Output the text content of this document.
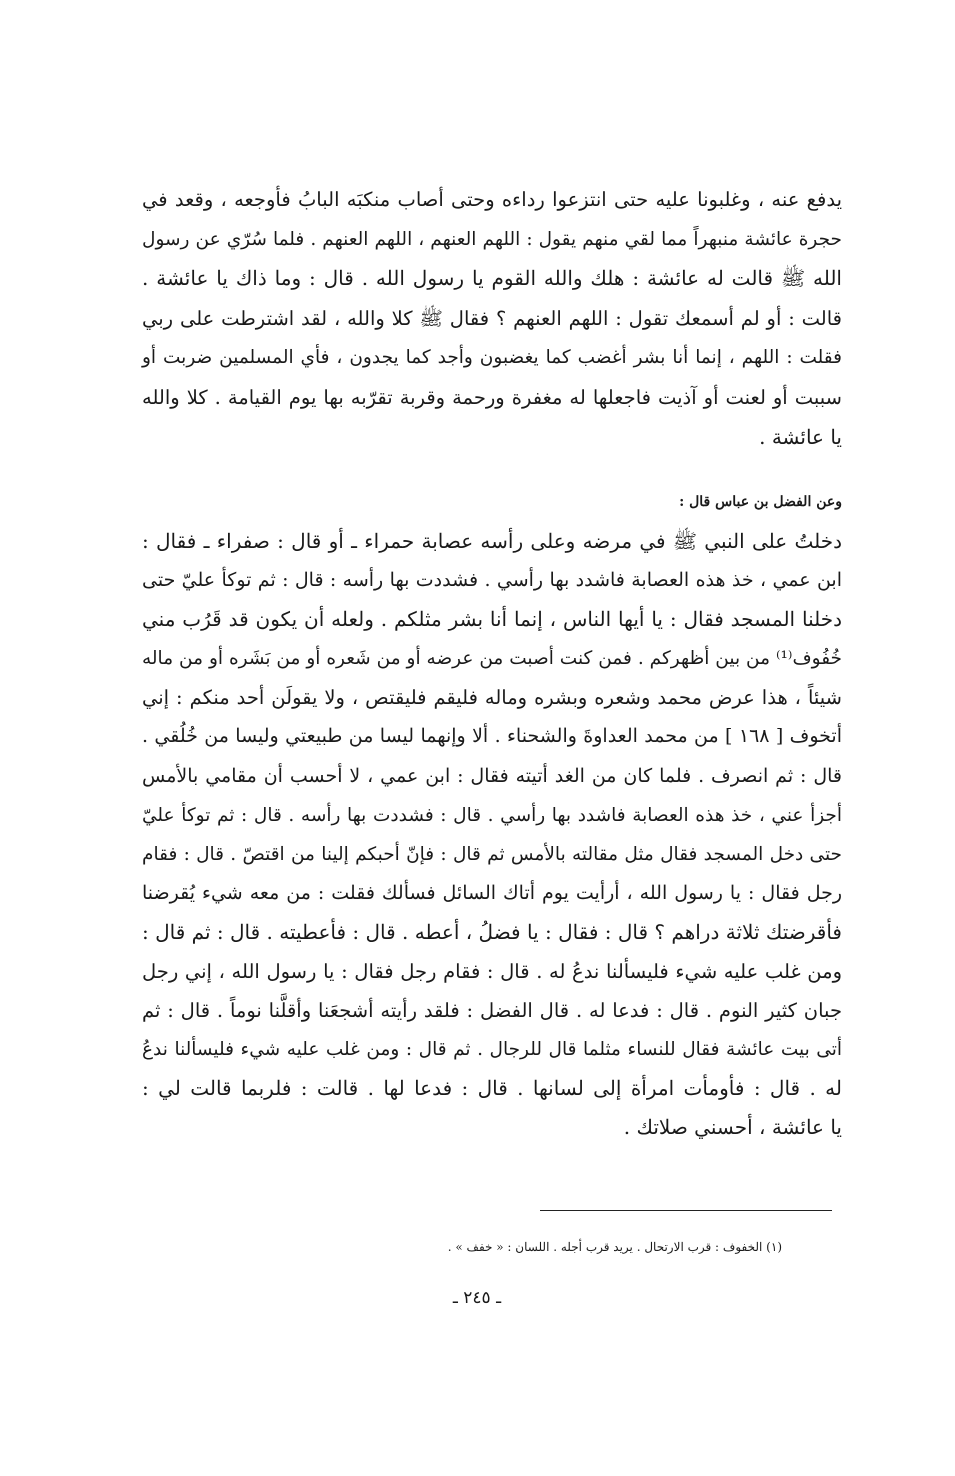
يدفع عنه ، وغلبونا عليه حتى انتزعوا رداءه وحتى أصاب منكبَه البابُ فأوجعه ، وقعد في
حجرة عائشة منبهراً مما لقي منهم يقول : اللهم العنهم ، اللهم العنهم . فلما سُرّي عن رسول
الله ﷺ قالت له عائشة : هلك والله القوم يا رسول الله . قال : وما ذاك يا عائشة .
قالت : أو لم أسمعك تقول : اللهم العنهم ؟ فقال ﷺ كلا والله ، لقد اشترطت على ربي
فقلت : اللهم ، إنما أنا بشر أغضب كما يغضبون وأجد كما يجدون ، فأي المسلمين ضربت أو
سببت أو لعنت أو آذيت فاجعلها له مغفرة ورحمة وقربة تقرّبه بها يوم القيامة . كلا والله
يا عائشة .
وعن الفضل بن عباس قال :
دخلتُ على النبي ﷺ في مرضه وعلى رأسه عصابة حمراء ـ أو قال : صفراء ـ فقال :
ابن عمي ، خذ هذه العصابة فاشدد بها رأسي . فشددت بها رأسه : قال : ثم توكأ عليّ حتى
دخلنا المسجد فقال : يا أيها الناس ، إنما أنا بشر مثلكم . ولعله أن يكون قد قَرُب مني
خُفُوف⁽¹⁾ من بين أظهركم . فمن كنت أصبت من عرضه أو من شَعره أو من بَشَره أو من ماله
شيئاً ، هذا عرض محمد وشعره وبشره وماله فليقم فليقتص ، ولا يقولَن أحد منكم : إني
أتخوف [ ١٦٨ ] من محمد العداوةَ والشحناء . ألا وإنهما ليسا من طبيعتي وليسا من خُلُقي .
قال : ثم انصرف . فلما كان من الغد أتيته فقال : ابن عمي ، لا أحسب أن مقامي بالأمس
أجزأ عني ، خذ هذه العصابة فاشدد بها رأسي . قال : فشددت بها رأسه . قال : ثم توكأ عليّ
حتى دخل المسجد فقال مثل مقالته بالأمس ثم قال : فإنّ أحبكم إلينا من اقتصّ . قال : فقام
رجل فقال : يا رسول الله ، أرأيت يوم أتاك السائل فسألك فقلت : من معه شيء يُقرضنا
فأقرضتك ثلاثة دراهم ؟ قال : فقال : يا فضلُ ، أعطه . قال : فأعطيته . قال : ثم قال :
ومن غلب عليه شيء فليسألنا ندعُ له . قال : فقام رجل فقال : يا رسول الله ، إني رجل
جبان كثير النوم . قال : فدعا له . قال الفضل : فلقد رأيته أشجعَنا وأقلَّنا نوماً . قال : ثم
أتى بيت عائشة فقال للنساء مثلما قال للرجال . ثم قال : ومن غلب عليه شيء فليسألنا ندعُ
له . قال : فأومأت امرأة إلى لسانها . قال : فدعا لها . قالت : فلربما قالت لي :
يا عائشة ، أحسني صلاتك .
(١) الخفوف : قرب الارتحال . يريد قرب أجله . اللسان : « خفف » .
ـ ٢٤٥ ـ
